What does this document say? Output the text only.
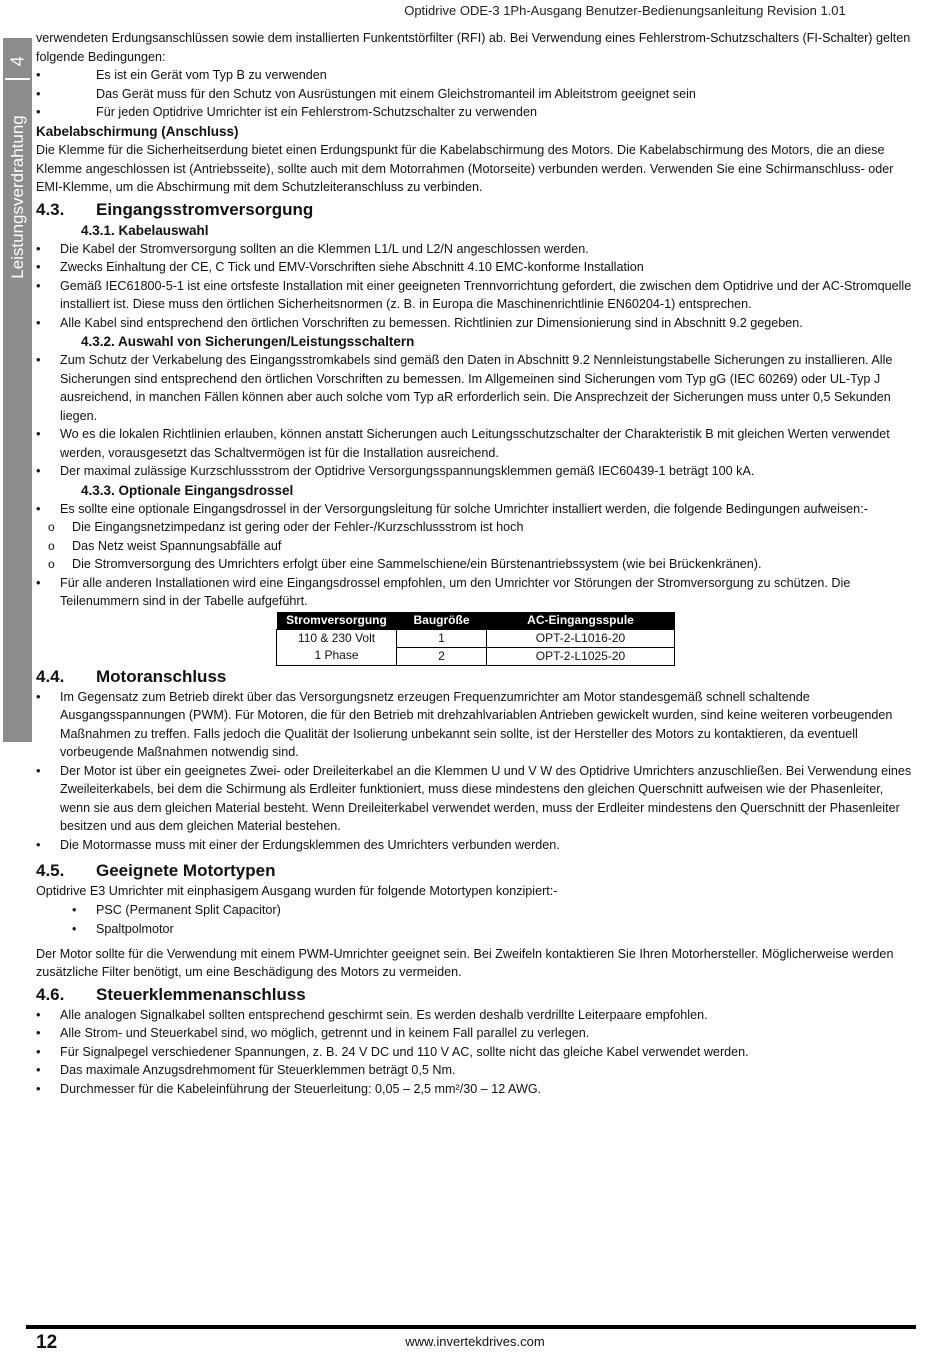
Optidrive ODE-3 1Ph-Ausgang Benutzer-Bedienungsanleitung Revision 1.01
4
Leistungsverdrahtung

verwendeten Erdungsanschlüssen sowie dem installierten Funkentstörfilter (RFI) ab. Bei Verwendung eines Fehlerstrom-Schutzschalters (FI-Schalter) gelten folgende Bedingungen:

• Es ist ein Gerät vom Typ B zu verwenden
• Das Gerät muss für den Schutz von Ausrüstungen mit einem Gleichstromanteil im Ableitstrom geeignet sein
• Für jeden Optidrive Umrichter ist ein Fehlerstrom-Schutzschalter zu verwenden
Kabelabschirmung (Anschluss)

Die Klemme für die Sicherheitserdung bietet einen Erdungspunkt für die Kabelabschirmung des Motors. Die Kabelabschirmung des Motors, die an diese Klemme angeschlossen ist (Antriebsseite), sollte auch mit dem Motorrahmen (Motorseite) verbunden werden. Verwenden Sie eine Schirmanschluss- oder EMI-Klemme, um die Abschirmung mit dem Schutzleiteranschluss zu verbinden.

4.3.	Eingangsstromversorgung
4.3.1. Kabelauswahl
• Die Kabel der Stromversorgung sollten an die Klemmen L1/L und L2/N angeschlossen werden.
• Zwecks Einhaltung der CE, C Tick und EMV-Vorschriften siehe Abschnitt 4.10 EMC-konforme Installation
• Gemäß IEC61800-5-1 ist eine ortsfeste Installation mit einer geeigneten Trennvorrichtung gefordert, die zwischen dem Optidrive und der AC-Stromquelle installiert ist. Diese muss den örtlichen Sicherheitsnormen (z. B. in Europa die Maschinenrichtlinie EN60204-1) entsprechen.
• Alle Kabel sind entsprechend den örtlichen Vorschriften zu bemessen. Richtlinien zur Dimensionierung sind in Abschnitt 9.2 gegeben.
4.3.2. Auswahl von Sicherungen/Leistungsschaltern
• Zum Schutz der Verkabelung des Eingangsstromkabels sind gemäß den Daten in Abschnitt 9.2 Nennleistungstabelle Sicherungen zu installieren. Alle Sicherungen sind entsprechend den örtlichen Vorschriften zu bemessen. Im Allgemeinen sind Sicherungen vom Typ gG (IEC 60269) oder UL-Typ J ausreichend, in manchen Fällen können aber auch solche vom Typ aR erforderlich sein. Die Ansprechzeit der Sicherungen muss unter 0,5 Sekunden liegen.
• Wo es die lokalen Richtlinien erlauben, können anstatt Sicherungen auch Leitungsschutzschalter der Charakteristik B mit gleichen Werten verwendet werden, vorausgesetzt das Schaltvermögen ist für die Installation ausreichend.
• Der maximal zulässige Kurzschlussstrom der Optidrive Versorgungsspannungsklemmen gemäß IEC60439-1 beträgt 100 kA.
4.3.3. Optionale Eingangsdrossel
• Es sollte eine optionale Eingangsdrossel in der Versorgungsleitung für solche Umrichter installiert werden, die folgende Bedingungen aufweisen:-
o Die Eingangsnetzimpedanz ist gering oder der Fehler-/Kurzschlussstrom ist hoch
o Das Netz weist Spannungsabfälle auf
o Die Stromversorgung des Umrichters erfolgt über eine Sammelschiene/ein Bürstenantriebssystem (wie bei Brückenkränen).
• Für alle anderen Installationen wird eine Eingangsdrossel empfohlen, um den Umrichter vor Störungen der Stromversorgung zu schützen. Die Teilenummern sind in der Tabelle aufgeführt.
Stromversorgung	Baugröße	AC-Eingangsspule
110 & 230 Volt	1	OPT-2-L1016-20
1 Phase	2	OPT-2-L1025-20
4.4.	Motoranschluss
• Im Gegensatz zum Betrieb direkt über das Versorgungsnetz erzeugen Frequenzumrichter am Motor standesgemäß schnell schaltende Ausgangsspannungen (PWM). Für Motoren, die für den Betrieb mit drehzahlvariablen Antrieben gewickelt wurden, sind keine weiteren vorbeugenden Maßnahmen zu treffen. Falls jedoch die Qualität der Isolierung unbekannt sein sollte, ist der Hersteller des Motors zu kontaktieren, da eventuell vorbeugende Maßnahmen notwendig sind.
• Der Motor ist über ein geeignetes Zwei- oder Dreileiterkabel an die Klemmen U und V W des Optidrive Umrichters anzuschließen. Bei Verwendung eines Zweileiterkabels, bei dem die Schirmung als Erdleiter funktioniert, muss diese mindestens den gleichen Querschnitt aufweisen wie der Phasenleiter, wenn sie aus dem gleichen Material besteht. Wenn Dreileiterkabel verwendet werden, muss der Erdleiter mindestens den Querschnitt der Phasenleiter besitzen und aus dem gleichen Material bestehen.
• Die Motormasse muss mit einer der Erdungsklemmen des Umrichters verbunden werden.
4.5.	Geeignete Motortypen

Optidrive E3 Umrichter mit einphasigem Ausgang wurden für folgende Motortypen konzipiert:-

• PSC (Permanent Split Capacitor)
• Spaltpolmotor

Der Motor sollte für die Verwendung mit einem PWM-Umrichter geeignet sein. Bei Zweifeln kontaktieren Sie Ihren Motorhersteller. Möglicherweise werden zusätzliche Filter benötigt, um eine Beschädigung des Motors zu vermeiden.

4.6.	Steuerklemmenanschluss
• Alle analogen Signalkabel sollten entsprechend geschirmt sein. Es werden deshalb verdrillte Leiterpaare empfohlen.
• Alle Strom- und Steuerkabel sind, wo möglich, getrennt und in keinem Fall parallel zu verlegen.
• Für Signalpegel verschiedener Spannungen, z. B. 24 V DC und 110 V AC, sollte nicht das gleiche Kabel verwendet werden.
• Das maximale Anzugsdrehmoment für Steuerklemmen beträgt 0,5 Nm.
• Durchmesser für die Kabeleinführung der Steuerleitung: 0,05 – 2,5 mm²/30 – 12 AWG.
12	www.invertekdrives.com
